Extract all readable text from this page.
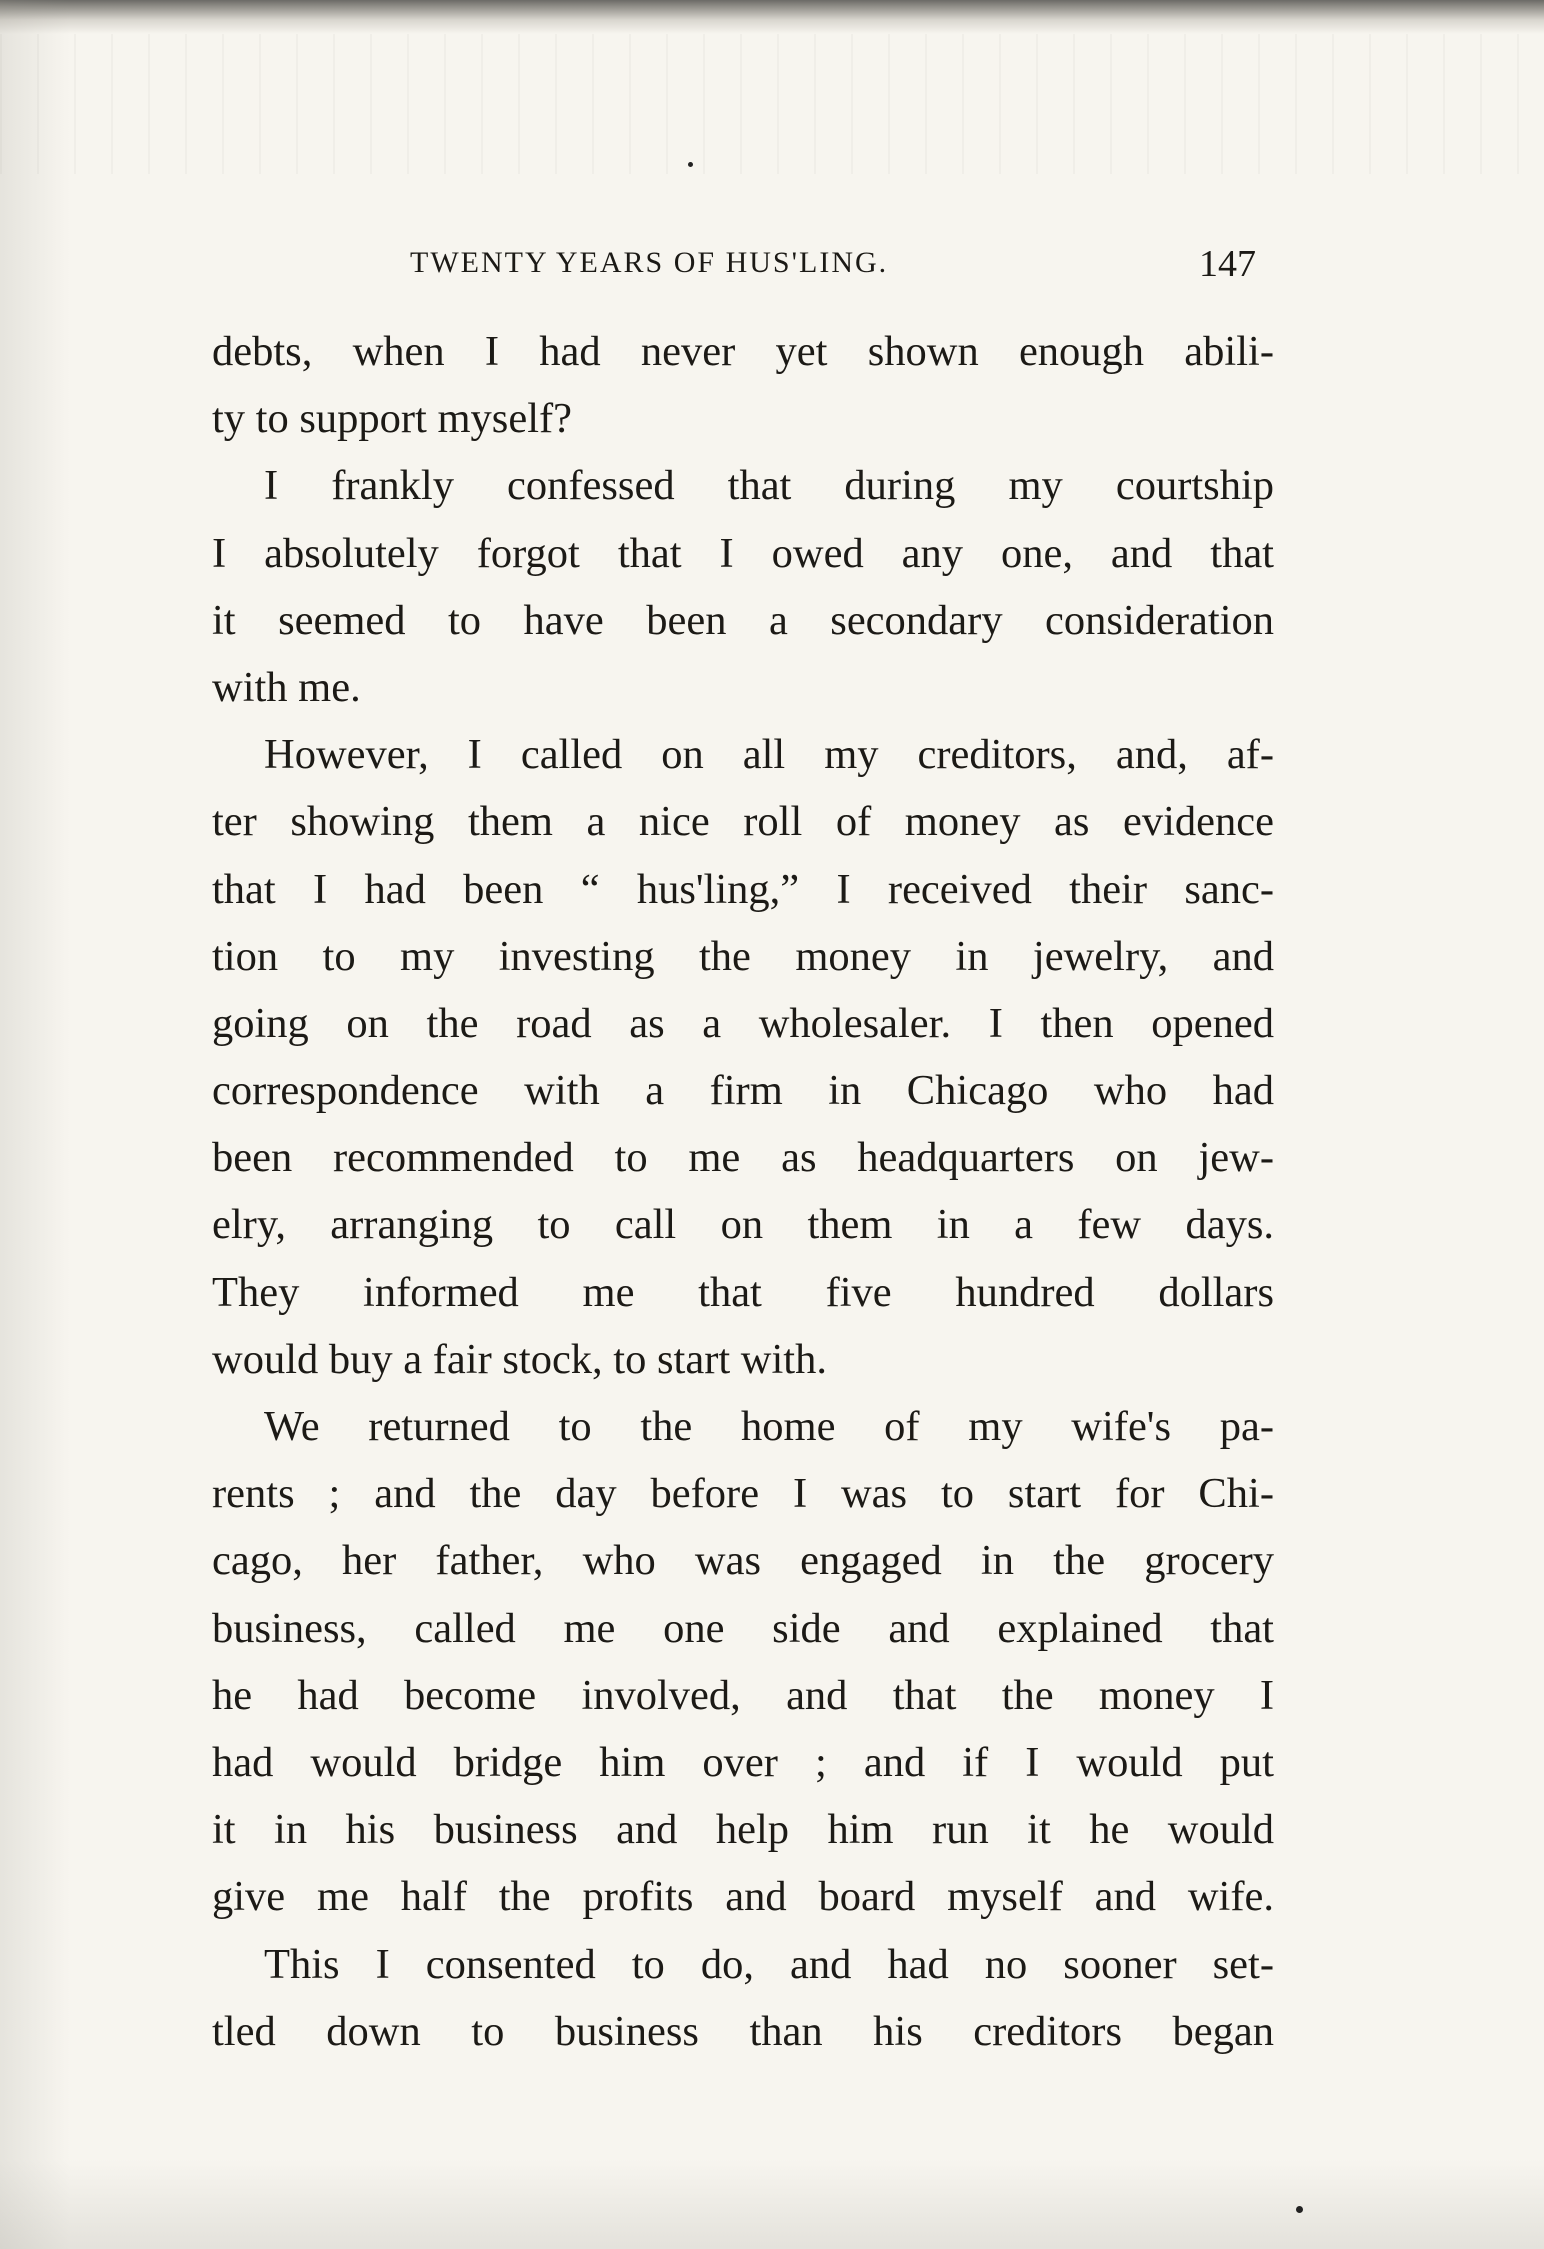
TWENTY YEARS OF HUS'LING.	147
debts, when I had never yet shown enough abili-
ty to support myself?
I frankly confessed that during my courtship
I absolutely forgot that I owed any one, and that
it seemed to have been a secondary consideration
with me.
However, I called on all my creditors, and, af-
ter showing them a nice roll of money as evidence
that I had been “ hus'ling,” I received their sanc-
tion to my investing the money in jewelry, and
going on the road as a wholesaler. I then opened
correspondence with a firm in Chicago who had
been recommended to me as headquarters on jew-
elry, arranging to call on them in a few days.
They informed me that five hundred dollars
would buy a fair stock, to start with.
We returned to the home of my wife's pa-
rents ; and the day before I was to start for Chi-
cago, her father, who was engaged in the grocery
business, called me one side and explained that
he had become involved, and that the money I
had would bridge him over ; and if I would put
it in his business and help him run it he would
give me half the profits and board myself and wife.
This I consented to do, and had no sooner set-
tled down to business than his creditors began
